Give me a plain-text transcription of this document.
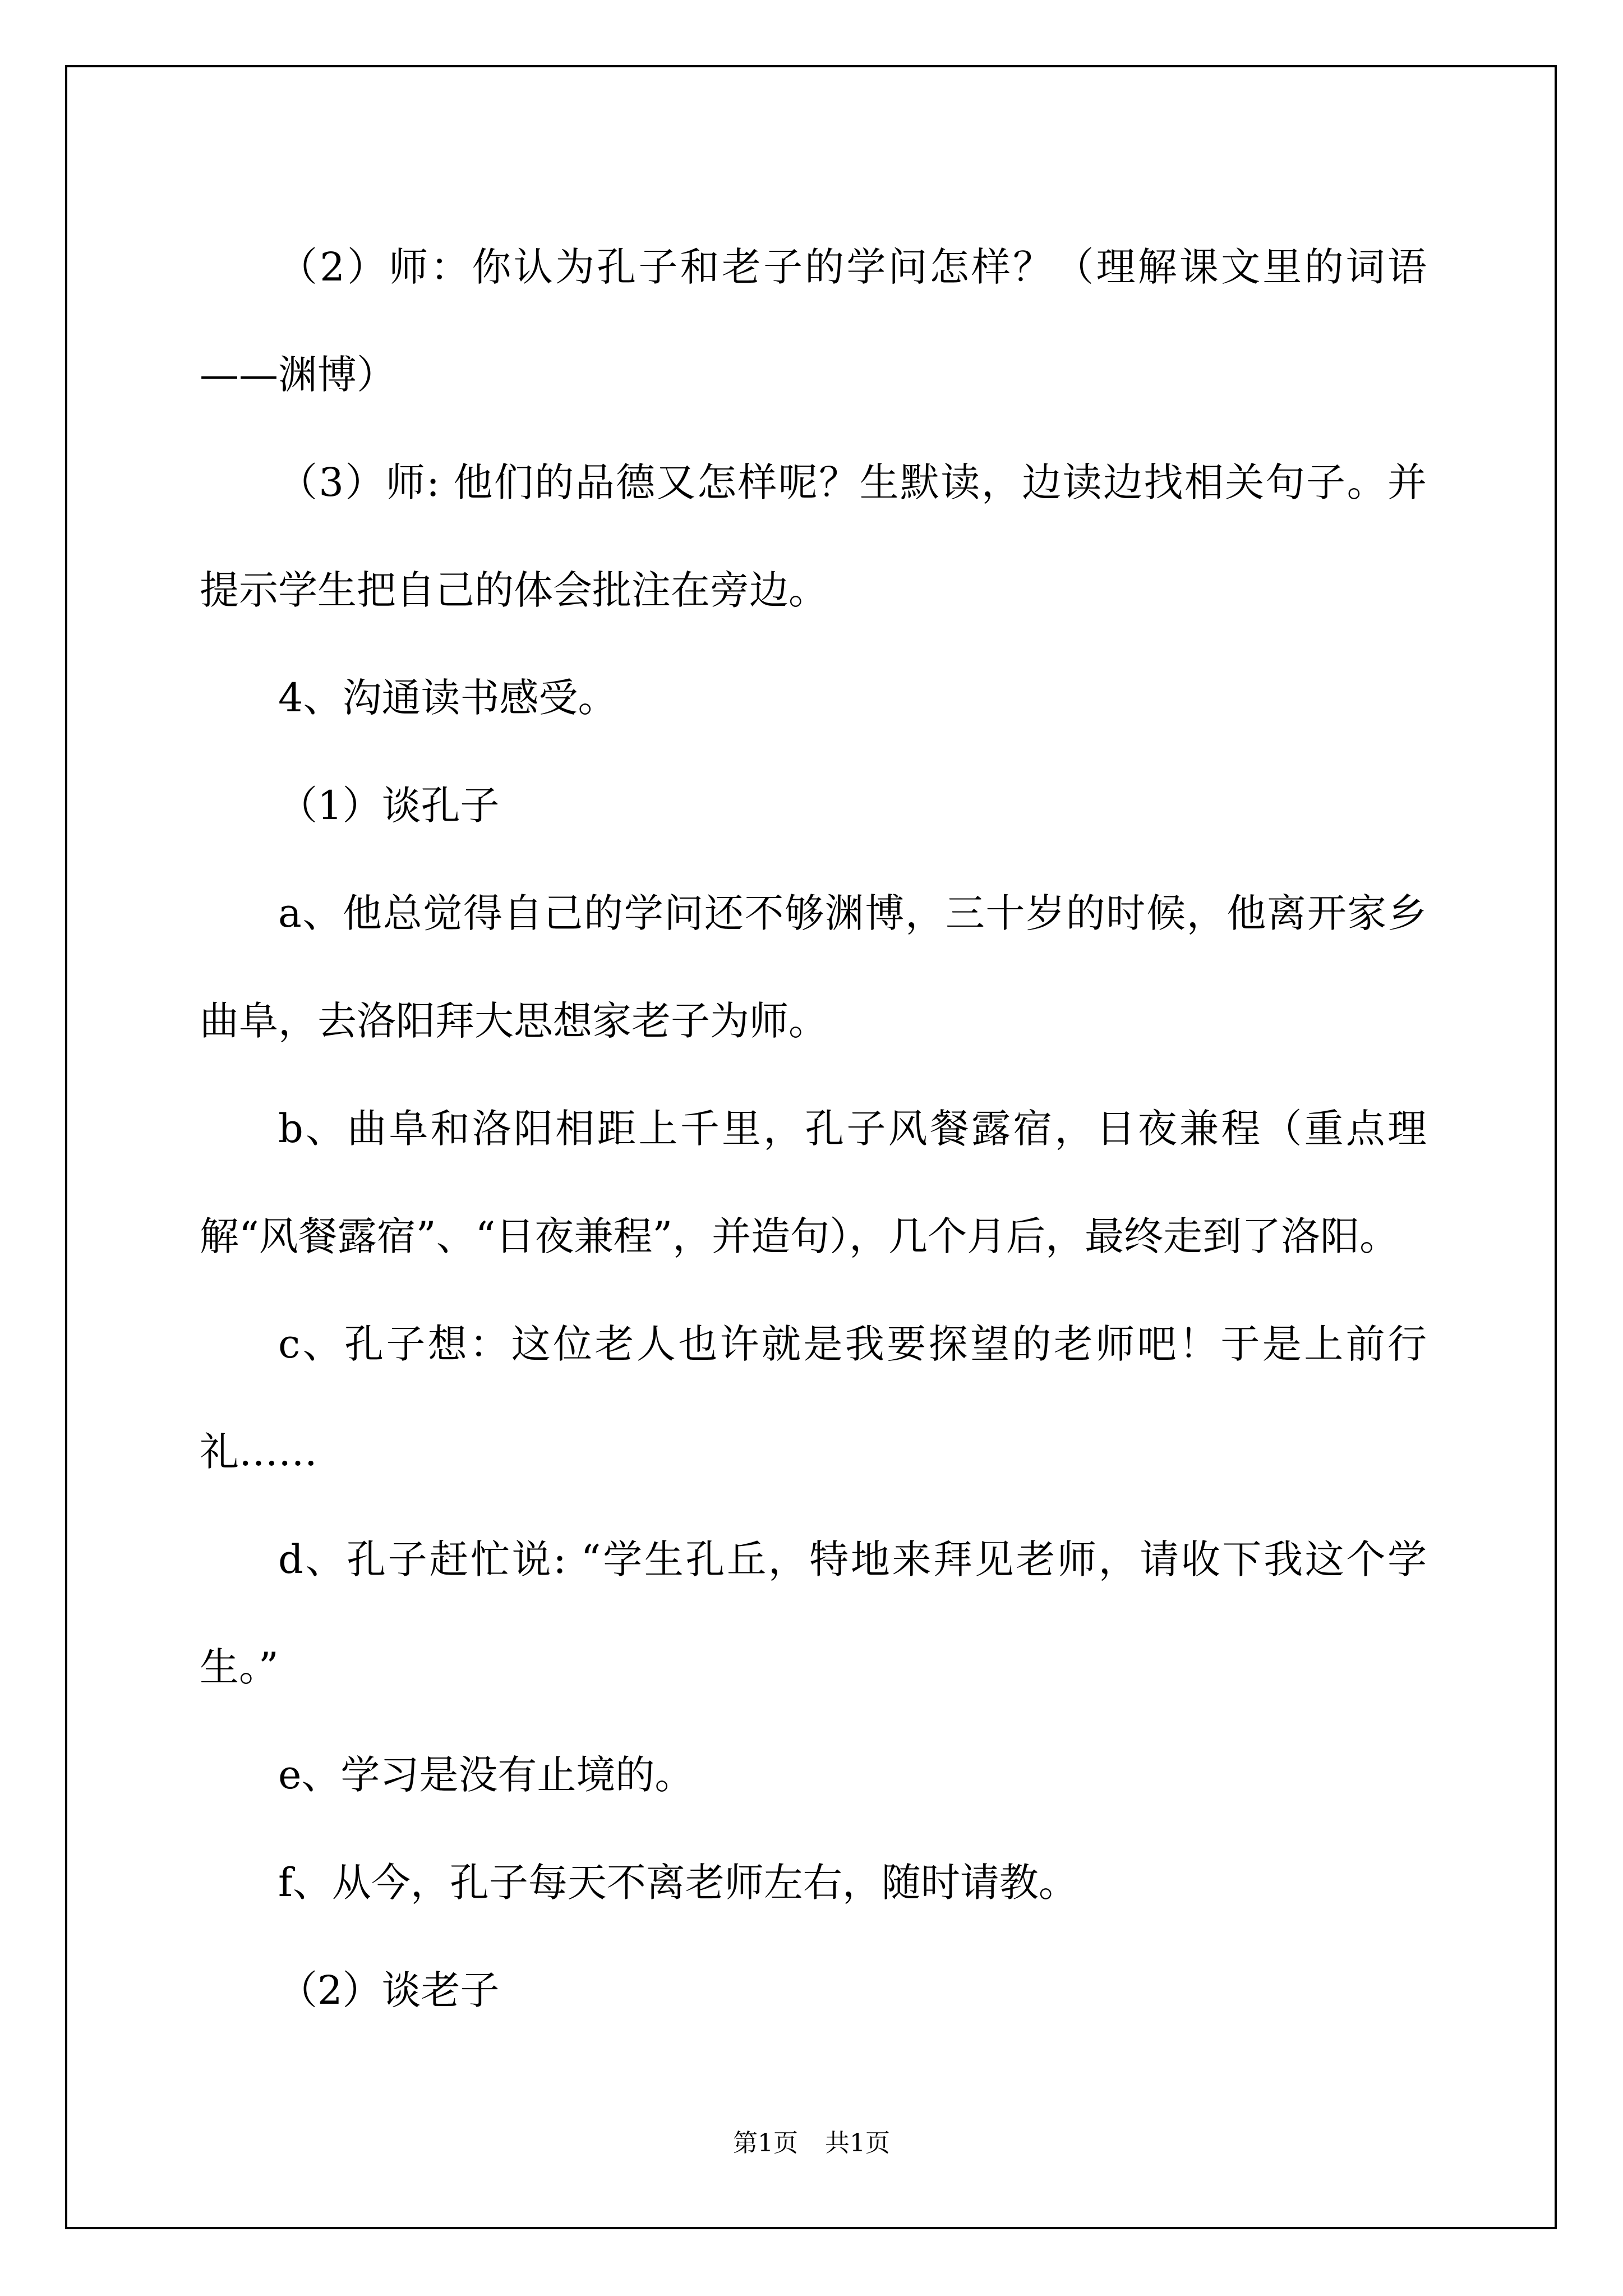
（2）师：你认为孔子和老子的学问怎样？（理解课文里的词语——渊博）

（3）师: 他们的品德又怎样呢？生默读，边读边找相关句子。并提示学生把自己的体会批注在旁边。

4、沟通读书感受。

（1）谈孔子

a、他总觉得自己的学问还不够渊博，三十岁的时候，他离开家乡曲阜，去洛阳拜大思想家老子为师。

b、曲阜和洛阳相距上千里，孔子风餐露宿，日夜兼程（重点理解“风餐露宿”、“日夜兼程”，并造句），几个月后，最终走到了洛阳。

c、孔子想：这位老人也许就是我要探望的老师吧！于是上前行礼……

d、孔子赶忙说: “学生孔丘，特地来拜见老师，请收下我这个学生。”

e、学习是没有止境的。

f、从今，孔子每天不离老师左右，随时请教。

（2）谈老子

第1页 共1页
